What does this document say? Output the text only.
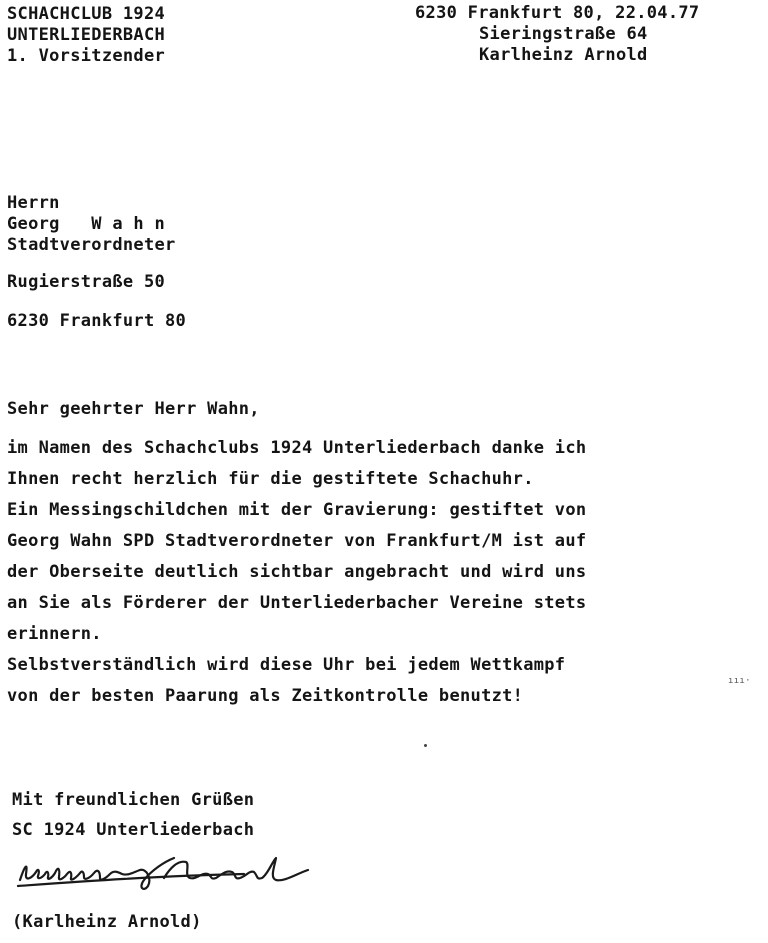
SCHACHCLUB 1924
UNTERLIEDERBACH
1. Vorsitzender
6230 Frankfurt 80, 22.04.77
Sieringstraße 64
Karlheinz Arnold
Herrn
Georg   W a h n
Stadtverordneter
Rugierstraße 50
6230 Frankfurt 80
Sehr geehrter Herr Wahn,
im Namen des Schachclubs 1924 Unterliederbach danke ich
Ihnen recht herzlich für die gestiftete Schachuhr.
Ein Messingschildchen mit der Gravierung: gestiftet von
Georg Wahn SPD Stadtverordneter von Frankfurt/M ist auf
der Oberseite deutlich sichtbar angebracht und wird uns
an Sie als Förderer der Unterliederbacher Vereine stets
erinnern.
Selbstverständlich wird diese Uhr bei jedem Wettkampf
von der besten Paarung als Zeitkontrolle benutzt!
Mit freundlichen Grüßen
SC 1924 Unterliederbach
(Karlheinz Arnold)
ııı·
